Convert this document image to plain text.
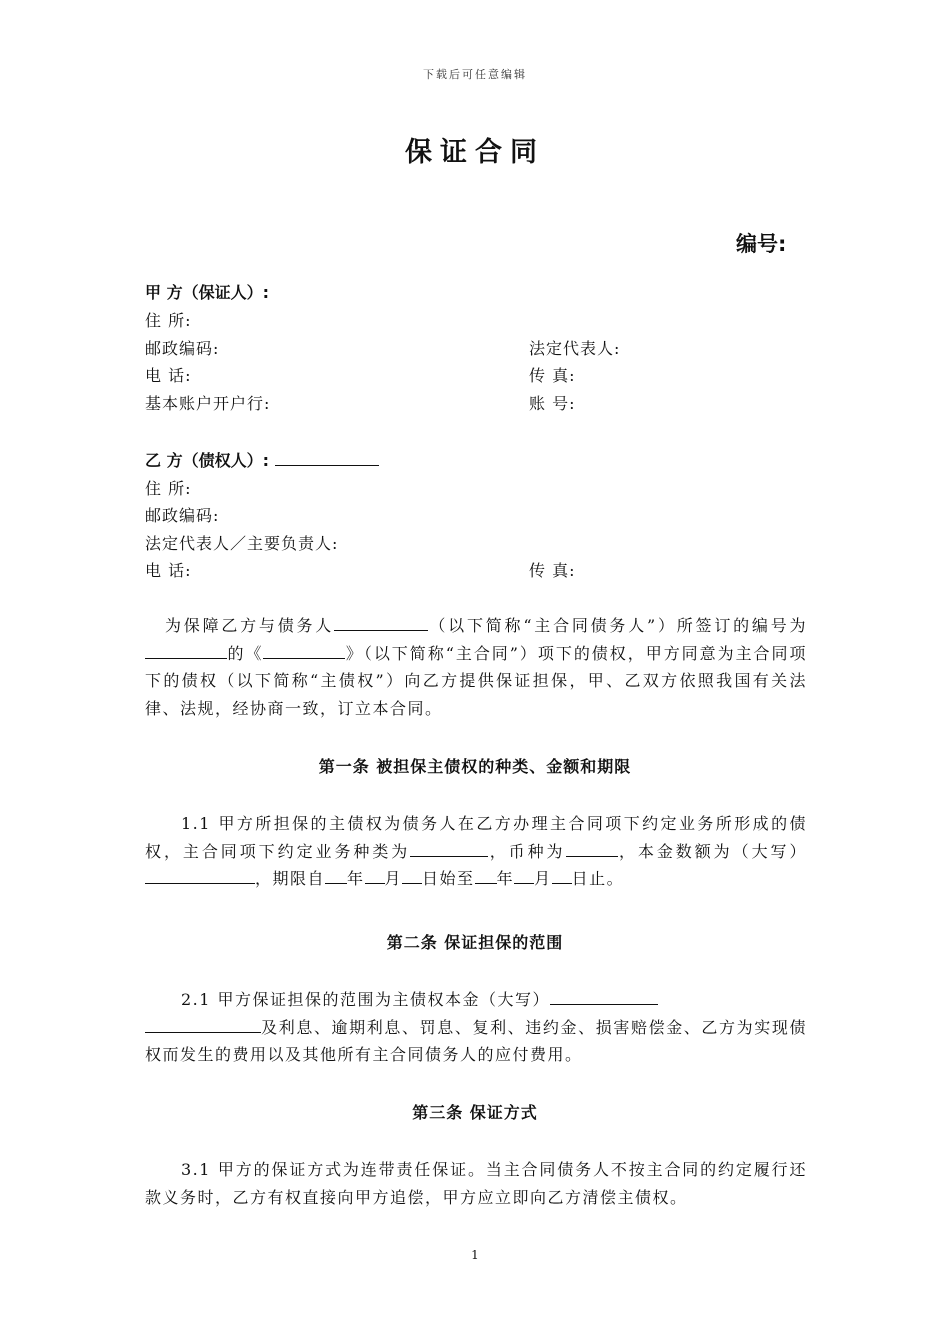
下载后可任意编辑
保证合同
编号:
甲 方（保证人）:
住 所:
邮政编码:	法定代表人:
电 话:	传 真:
基本账户开户行:	账 号:
乙 方（债权人）:
住 所:
邮政编码:
法定代表人／主要负责人:
电 话:	传 真:
为保障乙方与债务人	（以下简称“主合同债务人”）所签订的编号为的《	》（以下简称“主合同”）项下的债权，甲方同意为主合同项下的债权（以下简称“主债权”）向乙方提供保证担保，甲、乙双方依照我国有关法律、法规，经协商一致，订立本合同。
第一条 被担保主债权的种类、金额和期限
1.1 甲方所担保的主债权为债务人在乙方办理主合同项下约定业务所形成的债权，主合同项下约定业务种类为	，币种为	，本金数额为（大写），期限自 年 月 日始至 年 月 日止。
第二条 保证担保的范围
2.1 甲方保证担保的范围为主债权本金（大写）
及利息、逾期利息、罚息、复利、违约金、损害赔偿金、乙方为实现债权而发生的费用以及其他所有主合同债务人的应付费用。
第三条 保证方式
3.1 甲方的保证方式为连带责任保证。当主合同债务人不按主合同的约定履行还款义务时，乙方有权直接向甲方追偿，甲方应立即向乙方清偿主债权。
1
